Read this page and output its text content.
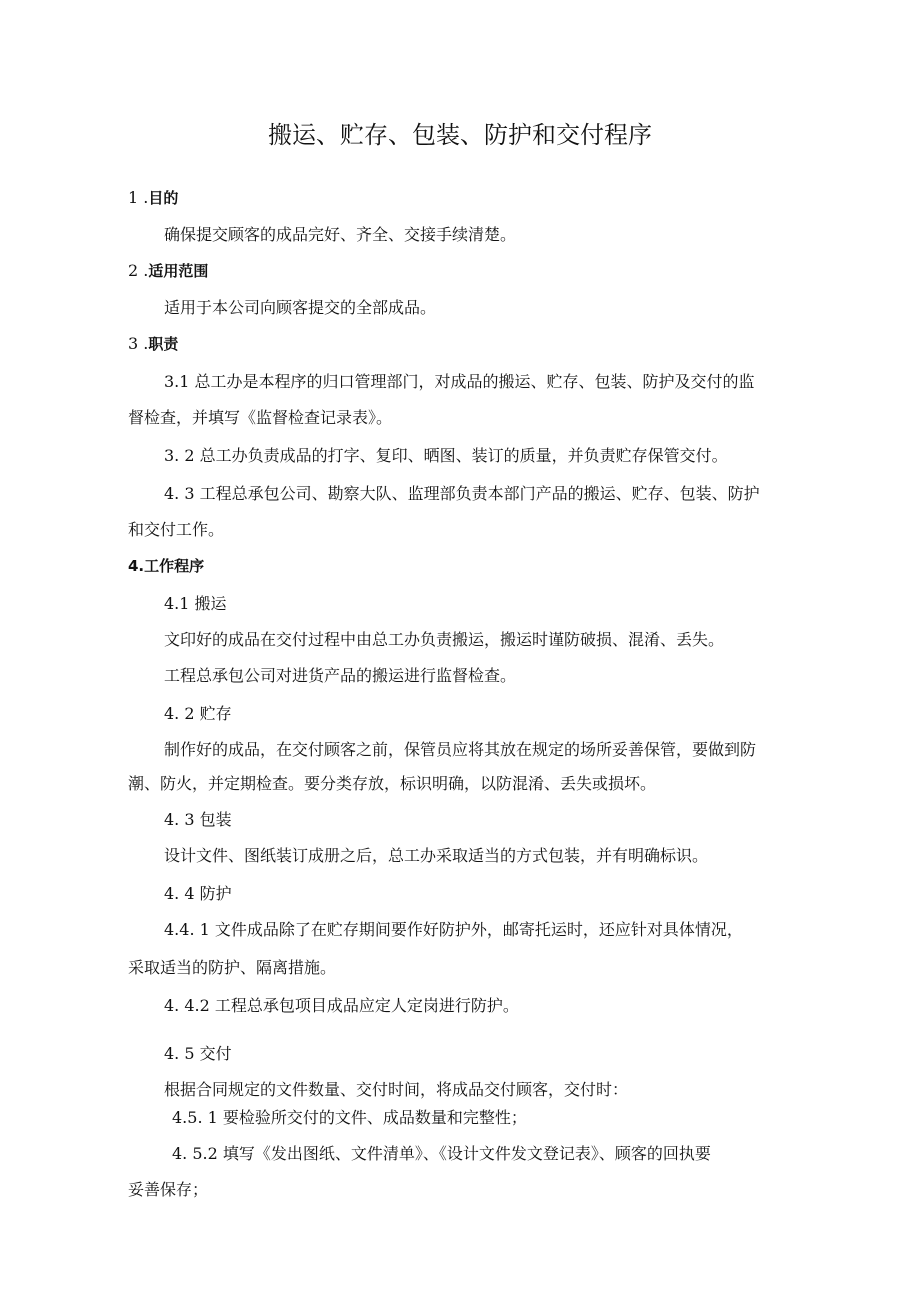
搬运、贮存、包装、防护和交付程序
1 .目的
确保提交顾客的成品完好、齐全、交接手续清楚。
2 .适用范围
适用于本公司向顾客提交的全部成品。
3 .职责
3.1 总工办是本程序的归口管理部门，对成品的搬运、贮存、包装、防护及交付的监
督检查，并填写《监督检查记录表》。
3. 2 总工办负责成品的打字、复印、晒图、装订的质量，并负责贮存保管交付。
4. 3 工程总承包公司、勘察大队、监理部负责本部门产品的搬运、贮存、包装、防护
和交付工作。
4.工作程序
4.1 搬运
文印好的成品在交付过程中由总工办负责搬运，搬运时谨防破损、混淆、丢失。
工程总承包公司对进货产品的搬运进行监督检查。
4. 2 贮存
制作好的成品，在交付顾客之前，保管员应将其放在规定的场所妥善保管，要做到防
潮、防火，并定期检查。要分类存放，标识明确，以防混淆、丢失或损坏。
4. 3 包装
设计文件、图纸装订成册之后，总工办采取适当的方式包装，并有明确标识。
4. 4 防护
4.4. 1 文件成品除了在贮存期间要作好防护外，邮寄托运时，还应针对具体情况，
采取适当的防护、隔离措施。
4. 4.2 工程总承包项目成品应定人定岗进行防护。
4. 5 交付
根据合同规定的文件数量、交付时间，将成品交付顾客，交付时：
4.5. 1 要检验所交付的文件、成品数量和完整性；
4. 5.2 填写《发出图纸、文件清单》、《设计文件发文登记表》、顾客的回执要
妥善保存；
